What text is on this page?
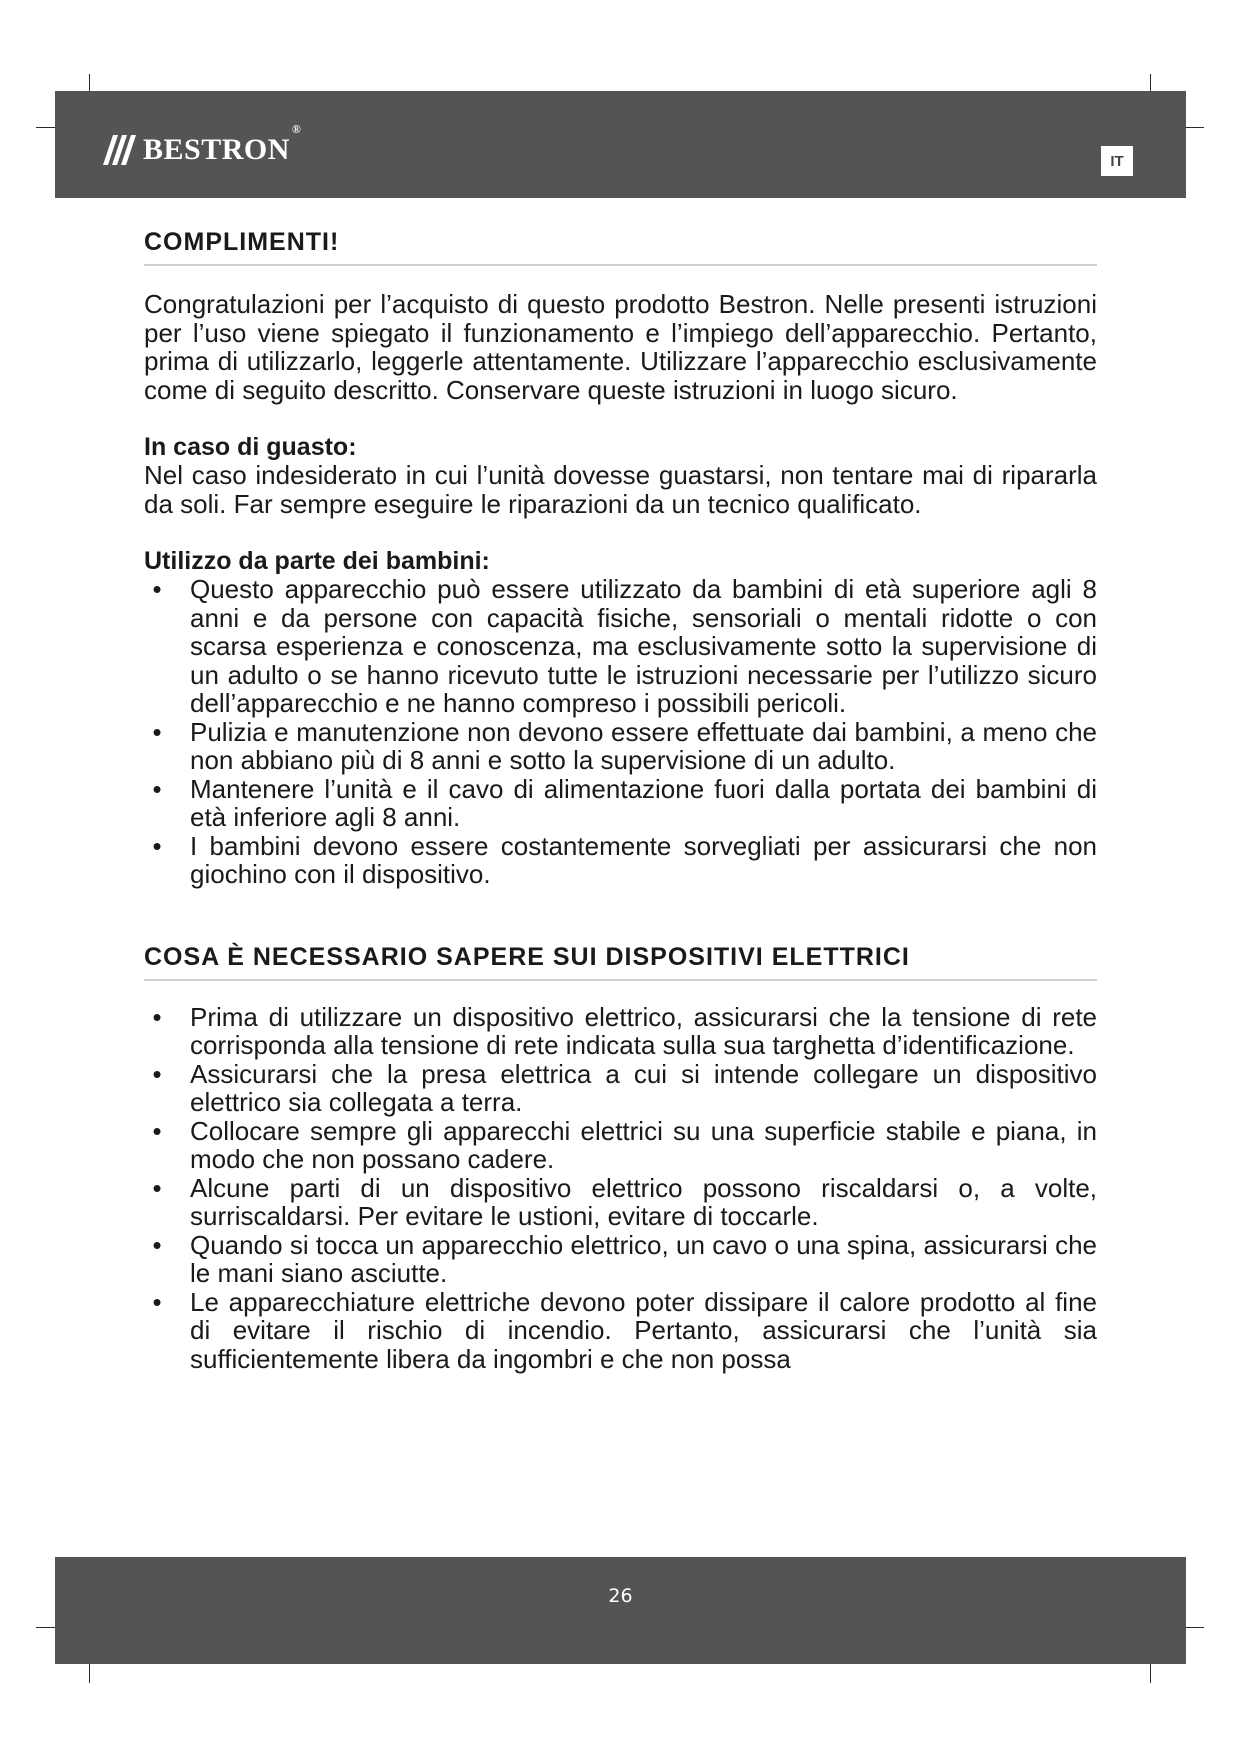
BESTRON®
IT
COMPLIMENTI!

Congratulazioni per l’acquisto di questo prodotto Bestron. Nelle presenti istruzioni per l’uso viene spiegato il funzionamento e l’impiego dell’apparecchio. Pertanto, prima di utilizzarlo, leggerle attentamente. Utilizzare l’apparecchio esclusivamente come di seguito descritto. Conservare queste istruzioni in luogo sicuro.

In caso di guasto:

Nel caso indesiderato in cui l’unità dovesse guastarsi, non tentare mai di ripararla da soli. Far sempre eseguire le riparazioni da un tecnico qualificato.

Utilizzo da parte dei bambini:

•	Questo apparecchio può essere utilizzato da bambini di età superiore agli 8 anni e da persone con capacità fisiche, sensoriali o mentali ridotte o con scarsa esperienza e conoscenza, ma esclusivamente sotto la supervisione di un adulto o se hanno ricevuto tutte le istruzioni necessarie per l’utilizzo sicuro dell’apparecchio e ne hanno compreso i possibili pericoli.
•	Pulizia e manutenzione non devono essere effettuate dai bambini, a meno che non abbiano più di 8 anni e sotto la supervisione di un adulto.
•	Mantenere l’unità e il cavo di alimentazione fuori dalla portata dei bambini di età inferiore agli 8 anni.
•	I bambini devono essere costantemente sorvegliati per assicurarsi che non giochino con il dispositivo.
COSA È NECESSARIO SAPERE SUI DISPOSITIVI ELETTRICI
•	Prima di utilizzare un dispositivo elettrico, assicurarsi che la tensione di rete corrisponda alla tensione di rete indicata sulla sua targhetta d’identificazione.
•	Assicurarsi che la presa elettrica a cui si intende collegare un dispositivo elettrico sia collegata a terra.
•	Collocare sempre gli apparecchi elettrici su una superficie stabile e piana, in modo che non possano cadere.
•	Alcune parti di un dispositivo elettrico possono riscaldarsi o, a volte, surriscaldarsi. Per evitare le ustioni, evitare di toccarle.
•	Quando si tocca un apparecchio elettrico, un cavo o una spina, assicurarsi che le mani siano asciutte.
•	Le apparecchiature elettriche devono poter dissipare il calore prodotto al fine di evitare il rischio di incendio. Pertanto, assicurarsi che l’unità sia sufficientemente libera da ingombri e che non possa
26
